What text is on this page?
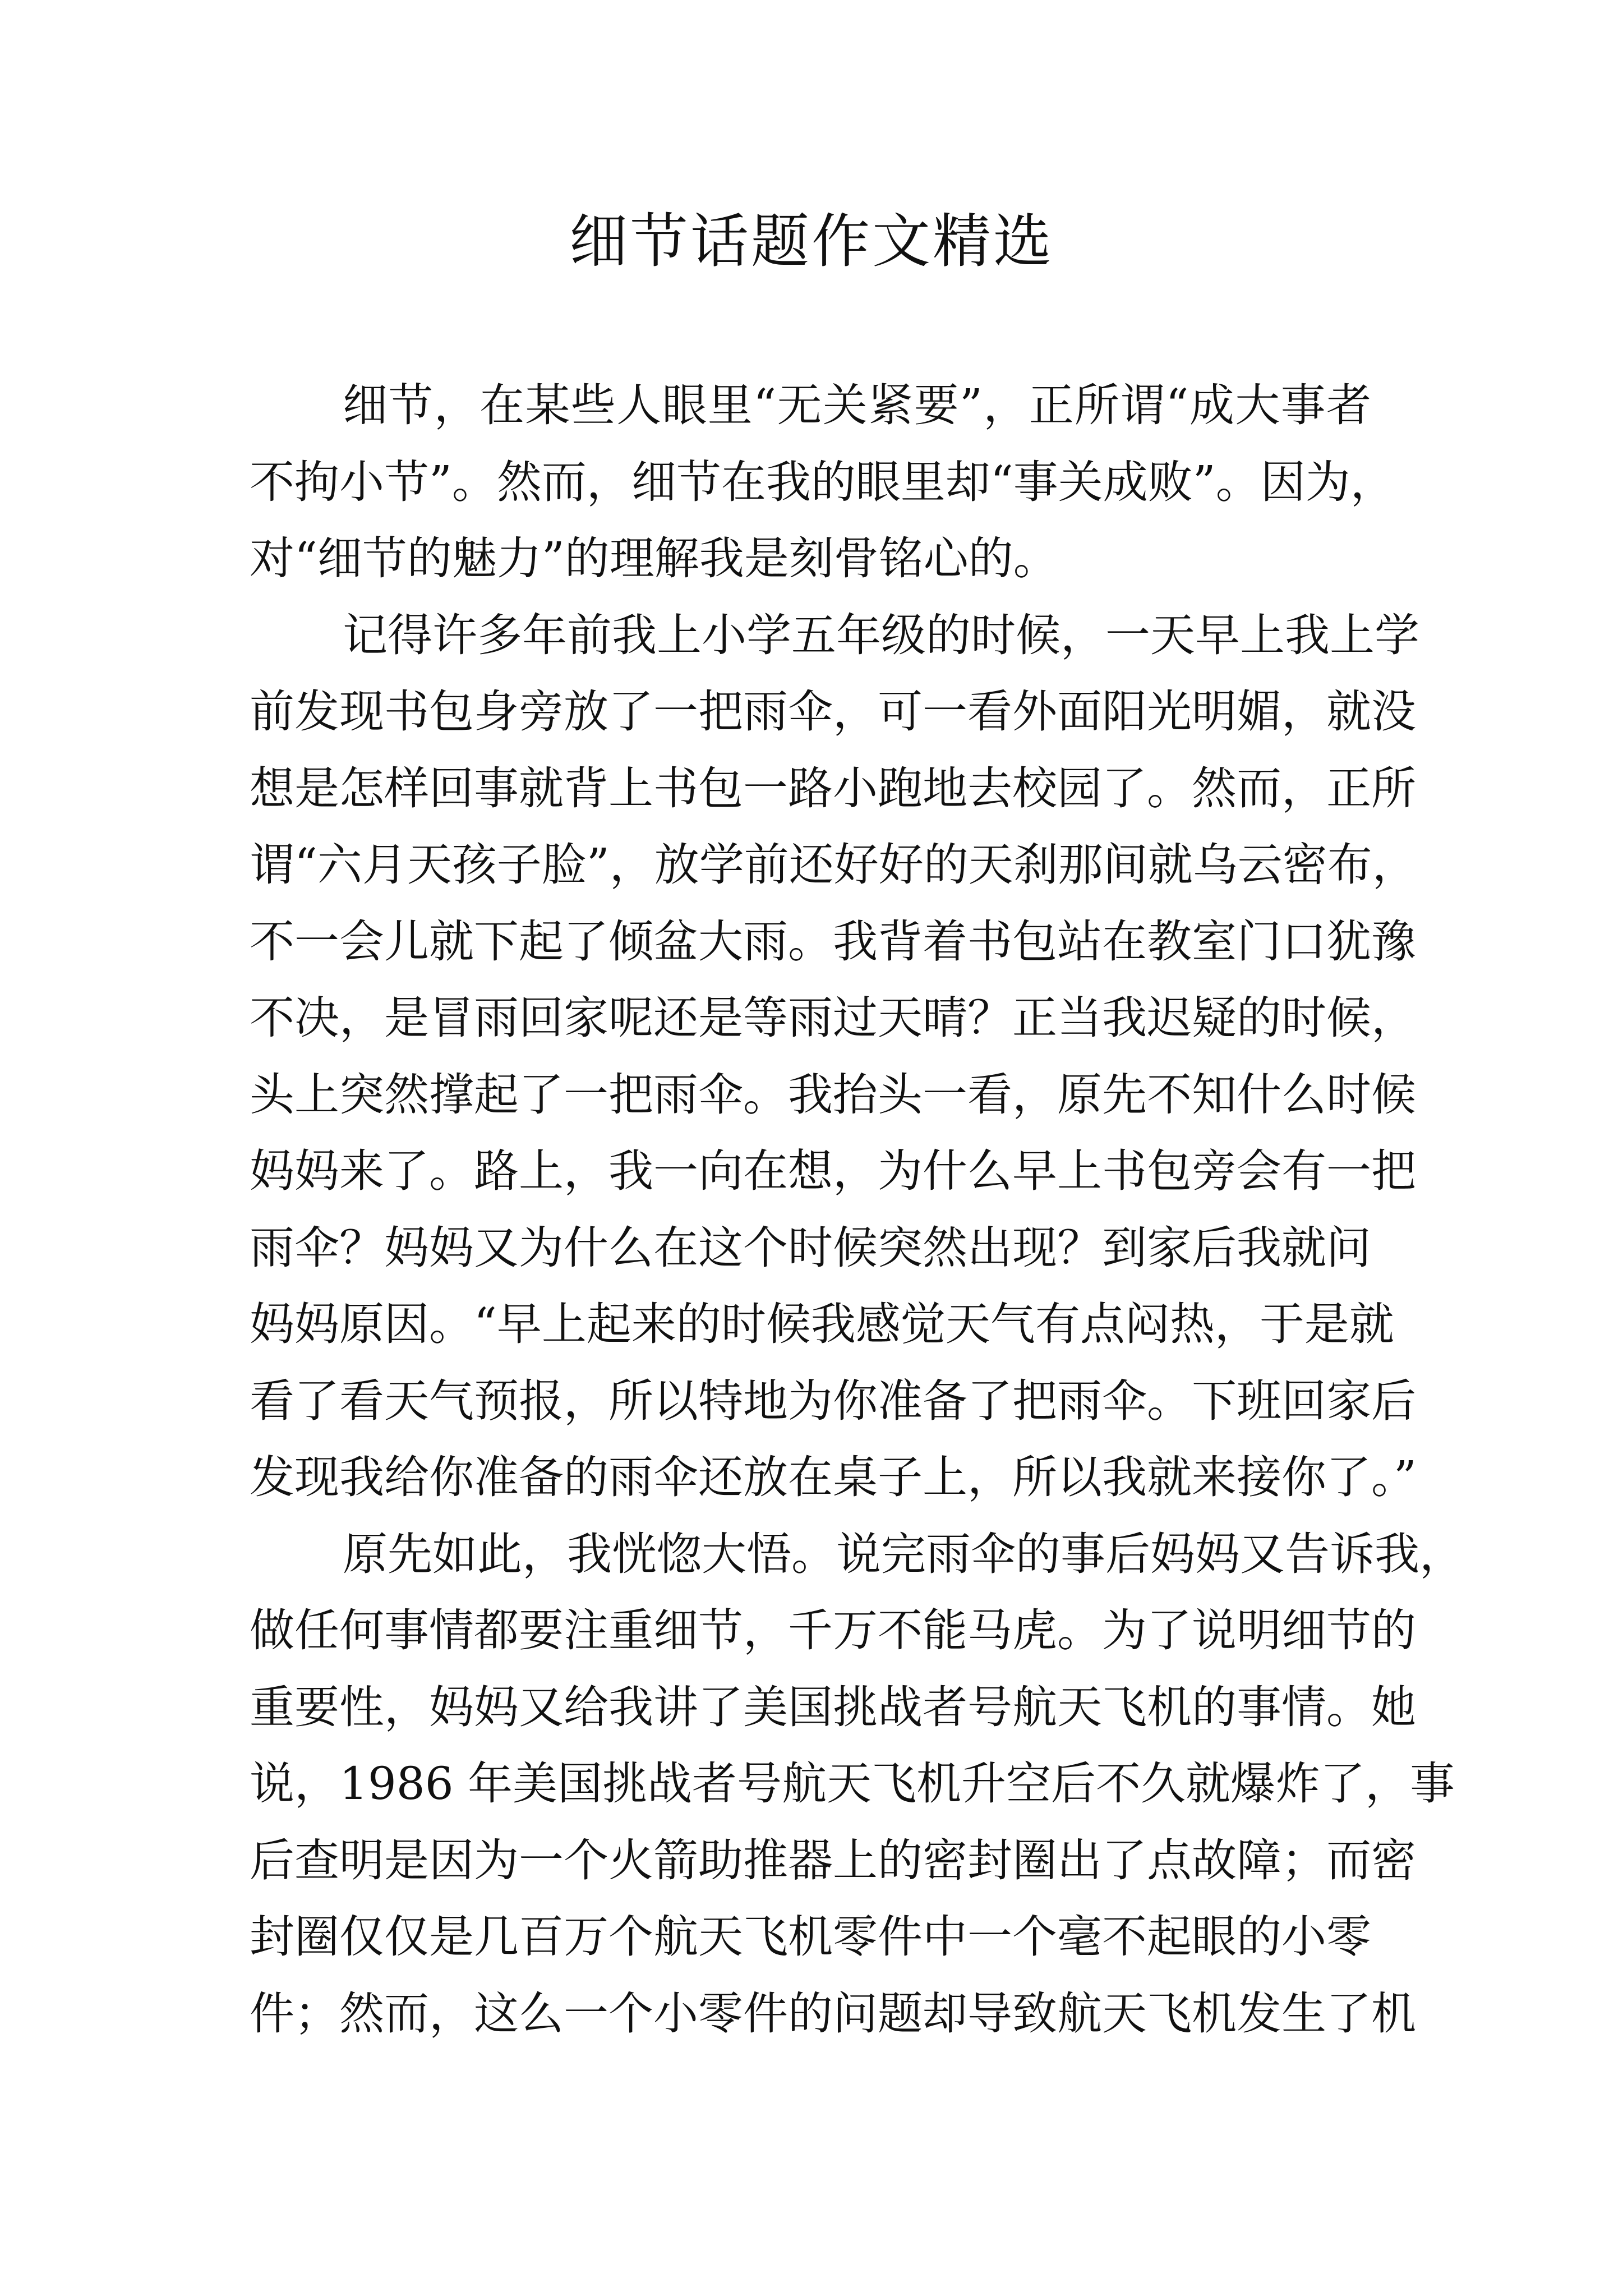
细节话题作文精选
细节，在某些人眼里“无关紧要”，正所谓“成大事者
不拘小节”。然而，细节在我的眼里却“事关成败”。因为，
对“细节的魅力”的理解我是刻骨铭心的。
记得许多年前我上小学五年级的时候，一天早上我上学
前发现书包身旁放了一把雨伞，可一看外面阳光明媚，就没
想是怎样回事就背上书包一路小跑地去校园了。然而，正所
谓“六月天孩子脸”，放学前还好好的天刹那间就乌云密布，
不一会儿就下起了倾盆大雨。我背着书包站在教室门口犹豫
不决，是冒雨回家呢还是等雨过天晴？正当我迟疑的时候，
头上突然撑起了一把雨伞。我抬头一看，原先不知什么时候
妈妈来了。路上，我一向在想，为什么早上书包旁会有一把
雨伞？妈妈又为什么在这个时候突然出现？到家后我就问
妈妈原因。“早上起来的时候我感觉天气有点闷热，于是就
看了看天气预报，所以特地为你准备了把雨伞。下班回家后
发现我给你准备的雨伞还放在桌子上，所以我就来接你了。”
原先如此，我恍惚大悟。说完雨伞的事后妈妈又告诉我，
做任何事情都要注重细节，千万不能马虎。为了说明细节的
重要性，妈妈又给我讲了美国挑战者号航天飞机的事情。她
说，1986 年美国挑战者号航天飞机升空后不久就爆炸了，事
后查明是因为一个火箭助推器上的密封圈出了点故障；而密
封圈仅仅是几百万个航天飞机零件中一个毫不起眼的小零
件；然而，这么一个小零件的问题却导致航天飞机发生了机
